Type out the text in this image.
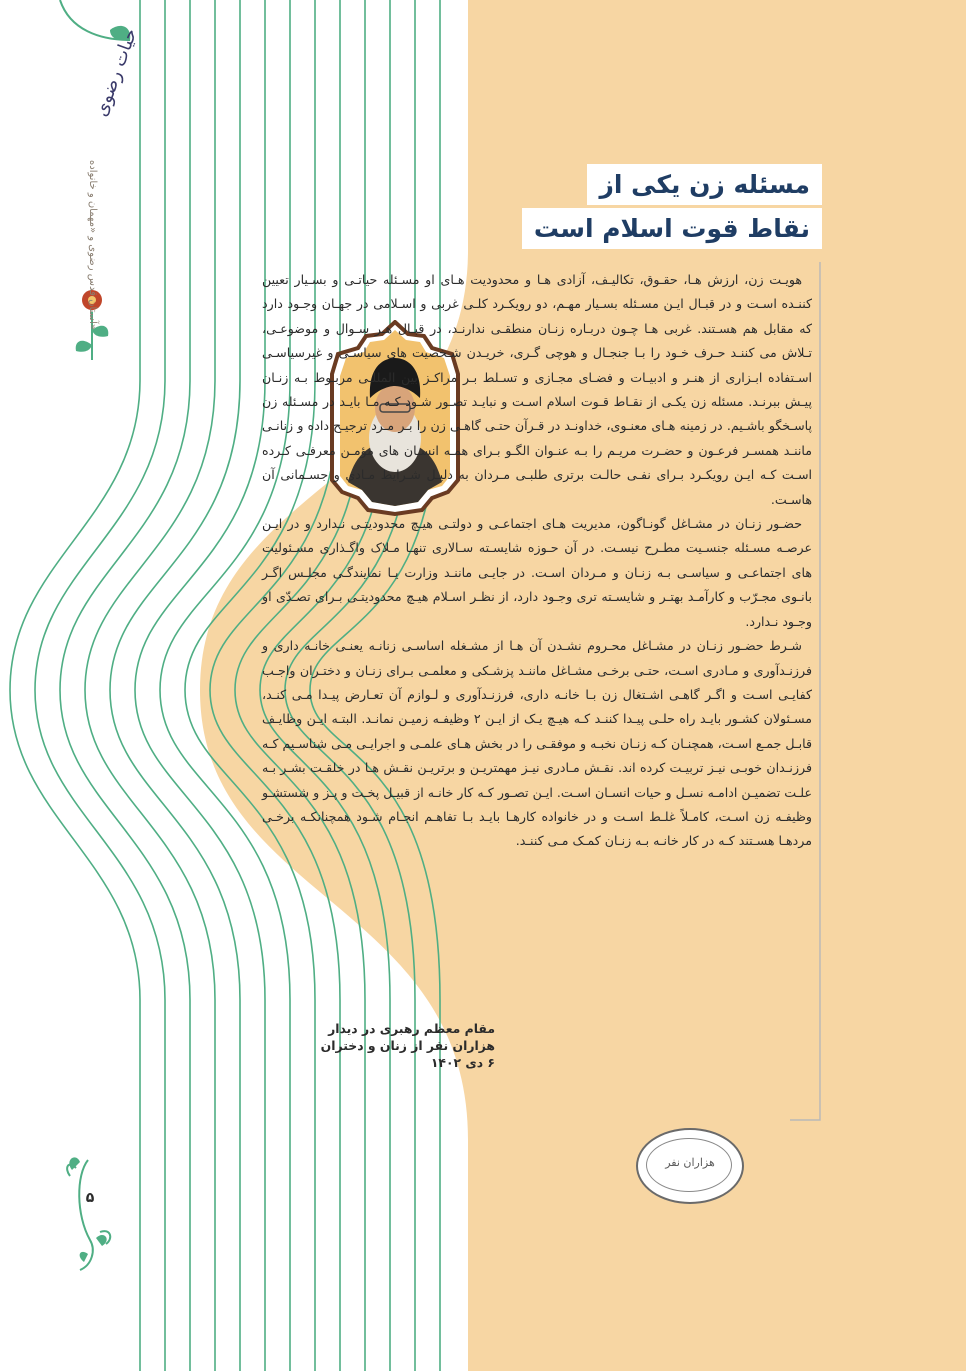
حیات‌ رضوی
آستان قدس رضوی و «مهمان و خانواده»
مسئله زن یکی از
نقاط قوت اسلام است

هویـت زن، ارزش هـا، حقـوق، تکالیـف، آزادی هـا و محدودیت هـای او مسـئله حیاتـی و بسـیار تعیین کننـده اسـت و در قبـال ایـن مسـئله بسـیار مهـم، دو رویکـرد کلـی غربی و اسـلامی در جهـان وجـود دارد که مقابل هم هسـتند. غربی هـا چـون دربـاره زنـان منطقـی ندارنـد، در قبـال هـر سـوال و موضوعـی، تـلاش می کننـد حـرف خـود را بـا جنجـال و هوچی گـری، خریـدن شـخصیت های سیاسـی و غیرسیاسـی اسـتفاده ابـزاری از هنـر و ادبیـات و فضـای مجـازی و تسـلط بـر مراکـز بین المللـی مربـوط بـه زنـان پیـش ببرنـد. مسئله زن یکـی از نقـاط قـوت اسلام اسـت و نبایـد تصـور شـود کـه مـا بایـد در مسـئله زن پاسـخگو باشـیم. در زمینه هـای معنـوی، خداونـد در قـرآن حتـی گاهـی زن را بـر مـرد ترجیـح داده و زنانـی ماننـد همسـر فرعـون و حضـرت مریـم را بـه عنـوان الگـو بـرای همـه انسـان های مؤمـن معرفـی کـرده اسـت کـه ایـن رویکـرد بـرای نفـی حالـت برتری طلبـی مـردان به دلیـل شـرایط مـادی و جسـمانی آن هاسـت.

حضـور زنـان در مشـاغل گونـاگون، مدیریت هـای اجتماعـی و دولتـی هیـچ محدودیتـی نـدارد و در ایـن عرصـه مسـئله جنسـیت مطـرح نیسـت. در آن حـوزه شایسـته سـالاری تنهـا مـلاک واگـذاری مسـئولیت های اجتماعـی و سیاسـی بـه زنـان و مـردان اسـت. در جایـی ماننـد وزارت یـا نمایندگـی مجلـس اگـر بانـوی مجـرّب و کارآمـد بهتـر و شایسـته تری وجـود دارد، از نظـر اسـلام هیـچ محدودیتـی بـرای تصـدّی او وجـود نـدارد.

شـرط حضـور زنـان در مشـاغل محـروم نشـدن آن هـا از مشـغله اساسـی زنانـه یعنـی خانـه داری و فرزنـدآوری و مـادری اسـت، حتـی برخـی مشـاغل ماننـد پزشـکی و معلمـی بـرای زنـان و دختـران واجـب کفایـی اسـت و اگـر گاهـی اشـتغال زن بـا خانـه داری، فرزنـدآوری و لـوازم آن تعـارض پیـدا مـی کنـد، مسـئولان کشـور بایـد راه حلـی پیـدا کننـد کـه هیـچ یـک از ایـن ۲ وظیفـه زمیـن نمانـد. البتـه ایـن وظایـف قابـل جمـع اسـت، همچنـان کـه زنـان نخبـه و موفقـی را در بخش هـای علمـی و اجرایـی مـی شناسـیم کـه فرزنـدان خوبـی نیـز تربیـت کرده اند. نقـش مـادری نیـز مهمتریـن و برتریـن نقـش هـا در خلقـت بشـر بـه علـت تضمیـن ادامـه نسـل و حیات انسـان اسـت. ایـن تصـور کـه کار خانـه از قبیـل پخـت و پـز و شستشـو وظیفـه زن اسـت، کامـلاً غلـط اسـت و در خانواده کارهـا بایـد بـا تفاهـم انجـام شـود همچنانکـه برخـی مردهـا هسـتند کـه در کار خانـه بـه زنـان کمـک مـی کننـد.

مقام معظم رهبری در دیدار
هزاران نفر از زنان و دختران
۶ دی ۱۴۰۲
هزاران نفر
۵
